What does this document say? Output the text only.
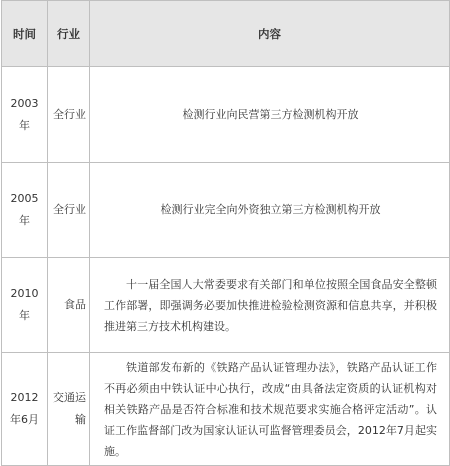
时间	行业	内容
2003年	全行业	检测行业向民营第三方检测机构开放
2005年	全行业	检测行业完全向外资独立第三方检测机构开放
2010年	食品	十一届全国人大常委要求有关部门和单位按照全国食品安全整顿工作部署，即强调务必要加快推进检验检测资源和信息共享，并积极推进第三方技术机构建设。

2012年6月	交通运输	铁道部发布新的《铁路产品认证管理办法》，铁路产品认证工作不再必须由中铁认证中心执行，改成“由具备法定资质的认证机构对相关铁路产品是否符合标准和技术规范要求实施合格评定活动”。认证工作监督部门改为国家认证认可监督管理委员会，2012年7月起实施。
